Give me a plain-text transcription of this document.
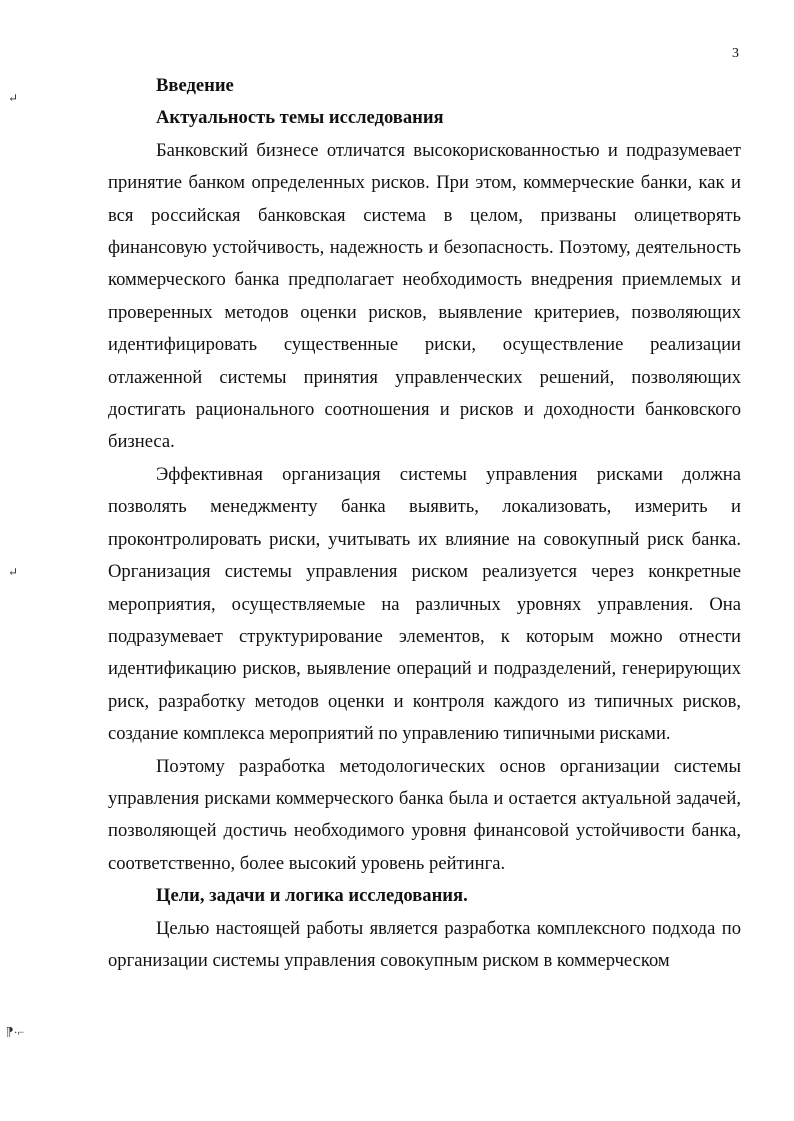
3
↵
↵
⁋·⌐

Введение

Актуальность темы исследования

Банковский бизнесе отличатся высокорискованностью и подразумевает принятие банком определенных рисков. При этом, коммерческие банки, как и вся российская банковская система в целом, призваны олицетворять финансовую устойчивость, надежность и безопасность. Поэтому, деятельность коммерческого банка предполагает необходимость внедрения приемлемых и проверенных методов оценки рисков, выявление критериев, позволяющих идентифицировать существенные риски, осуществление реализации отлаженной системы принятия управленческих решений, позволяющих достигать рационального соотношения и рисков и доходности банковского бизнеса.

Эффективная организация системы управления рисками должна позволять менеджменту банка выявить, локализовать, измерить и проконтролировать риски, учитывать их влияние на совокупный риск банка. Организация системы управления риском реализуется через конкретные мероприятия, осуществляемые на различных уровнях управления. Она подразумевает структурирование элементов, к которым можно отнести идентификацию рисков, выявление операций и подразделений, генерирующих риск, разработку методов оценки и контроля каждого из типичных рисков, создание комплекса мероприятий по управлению типичными рисками.

Поэтому разработка методологических основ организации системы управления рисками коммерческого банка была и остается актуальной задачей, позволяющей достичь необходимого уровня финансовой устойчивости банка, соответственно, более высокий уровень рейтинга.

Цели, задачи и логика исследования.

Целью настоящей работы является разработка комплексного подхода по организации системы управления совокупным риском в коммерческом
